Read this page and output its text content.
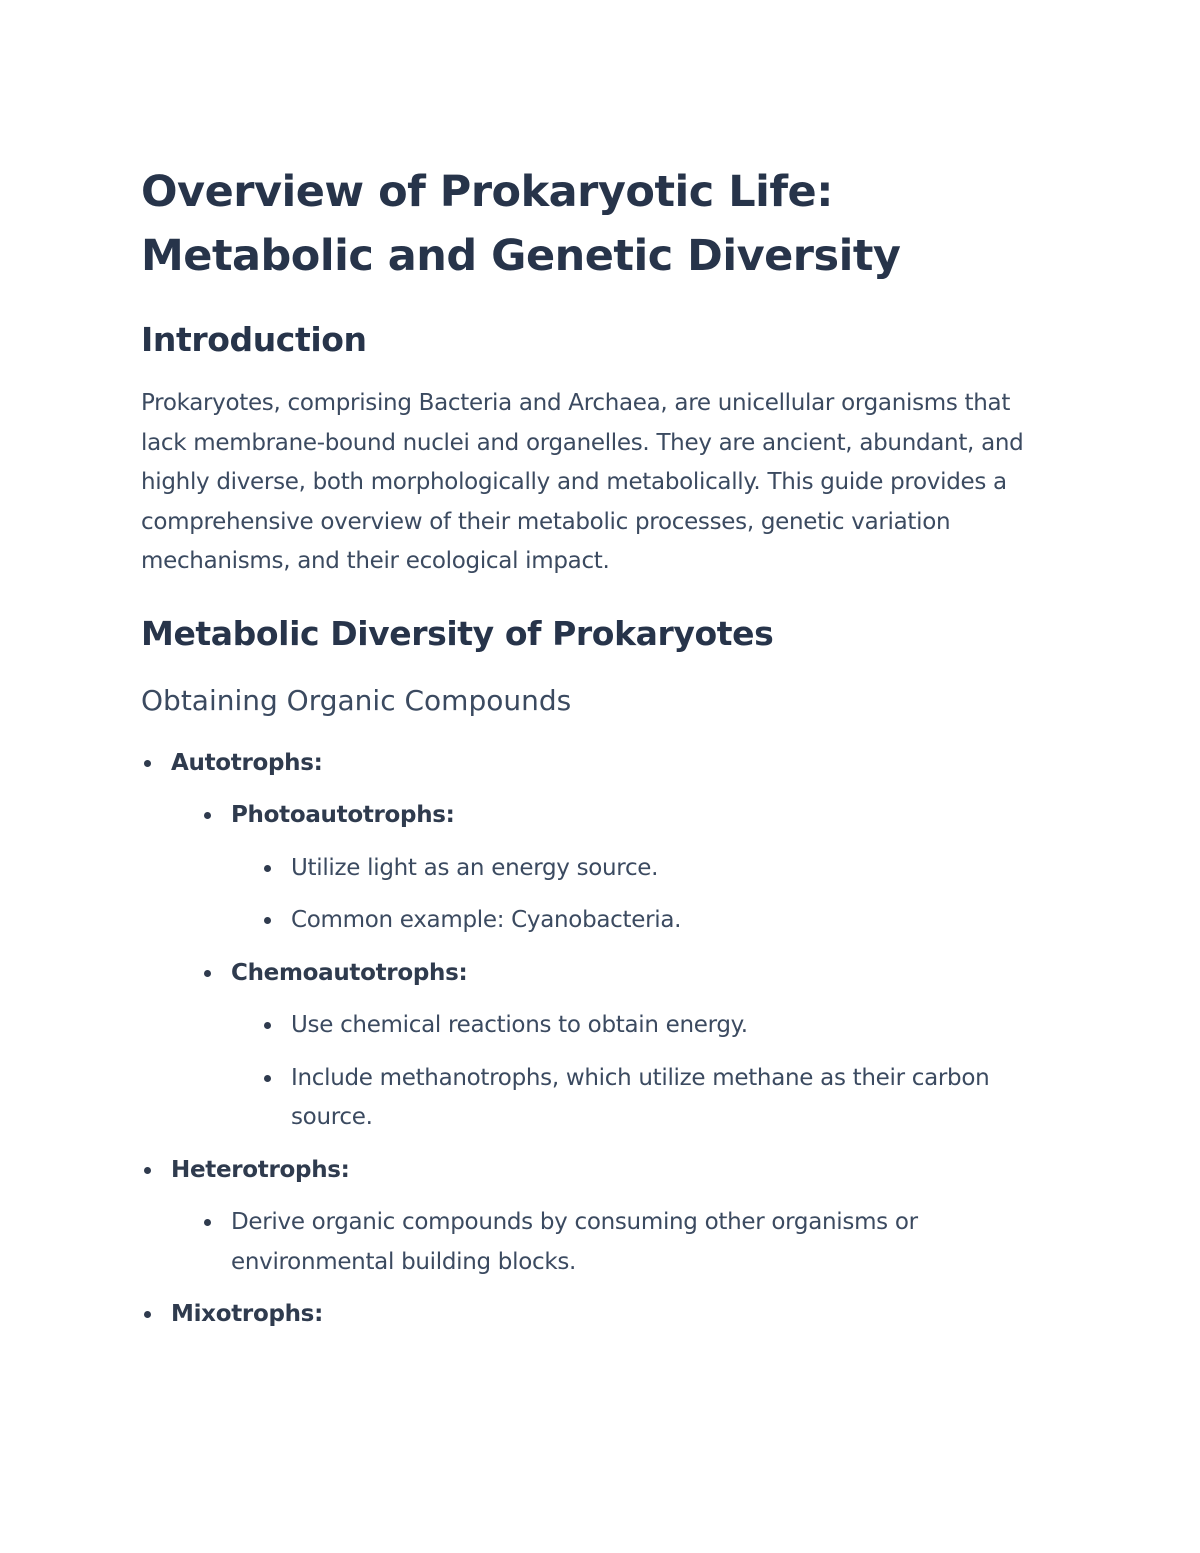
Overview of Prokaryotic Life: Metabolic and Genetic Diversity
Introduction

Prokaryotes, comprising Bacteria and Archaea, are unicellular organisms that lack membrane-bound nuclei and organelles. They are ancient, abundant, and highly diverse, both morphologically and metabolically. This guide provides a comprehensive overview of their metabolic processes, genetic variation mechanisms, and their ecological impact.

Metabolic Diversity of Prokaryotes
Obtaining Organic Compounds
Autotrophs:
Photoautotrophs:
Utilize light as an energy source.
Common example: Cyanobacteria.
Chemoautotrophs:
Use chemical reactions to obtain energy.
Include methanotrophs, which utilize methane as their carbon source.
Heterotrophs:
Derive organic compounds by consuming other organisms or environmental building blocks.
Mixotrophs:
